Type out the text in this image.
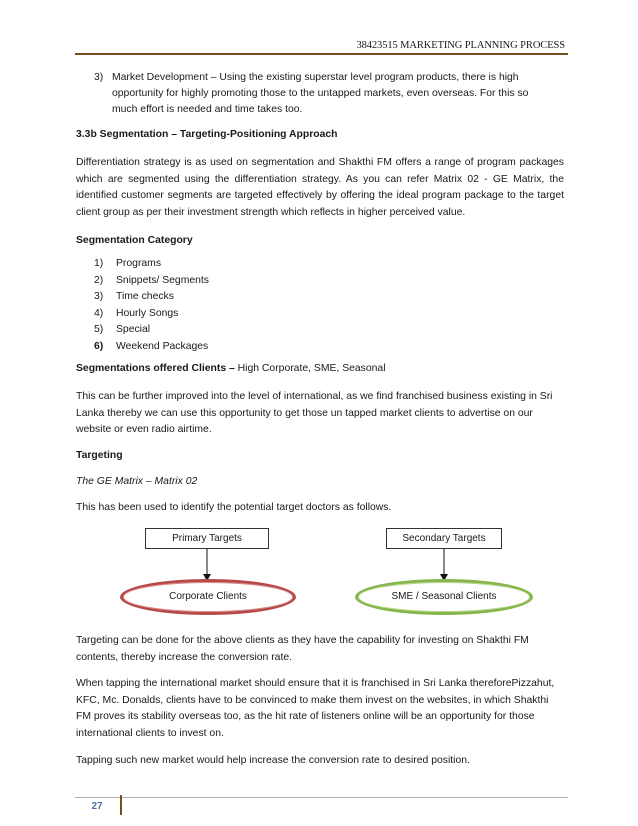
38423515 MARKETING PLANNING PROCESS
3) Market Development – Using the existing superstar level program products, there is high
opportunity for highly promoting those to the untapped markets, even overseas. For this so
much effort is needed and time takes too.
3.3b Segmentation – Targeting-Positioning Approach
Differentiation strategy is as used on segmentation and Shakthi FM offers a range of program packages which are segmented using the differentiation strategy. As you can refer Matrix 02 - GE Matrix, the identified customer segments are targeted effectively by offering the ideal program package to the target client group as per their investment strength which reflects in higher perceived value.
Segmentation Category
1)	Programs
2)	Snippets/ Segments
3)	Time checks
4)	Hourly Songs
5)	Special
6)	Weekend Packages
Segmentations offered Clients – High Corporate, SME, Seasonal
This can be further improved into the level of international, as we find franchised business existing in Sri
Lanka thereby we can use this opportunity to get those un tapped market clients to advertise on our
website or even radio airtime.
Targeting
The GE Matrix – Matrix 02
This has been used to identify the potential target doctors as follows.
Primary Targets	Secondary Targets
Corporate Clients	SME / Seasonal Clients
Targeting can be done for the above clients as they have the capability for investing on Shakthi FM
contents, thereby increase the conversion rate.
When tapping the international market should ensure that it is franchised in Sri Lanka thereforePizzahut,
KFC, Mc. Donalds, clients have to be convinced to make them invest on the websites, in which Shakthi
FM proves its stability overseas too, as the hit rate of listeners online will be an opportunity for those
international clients to invest on.
Tapping such new market would help increase the conversion rate to desired position.
27
